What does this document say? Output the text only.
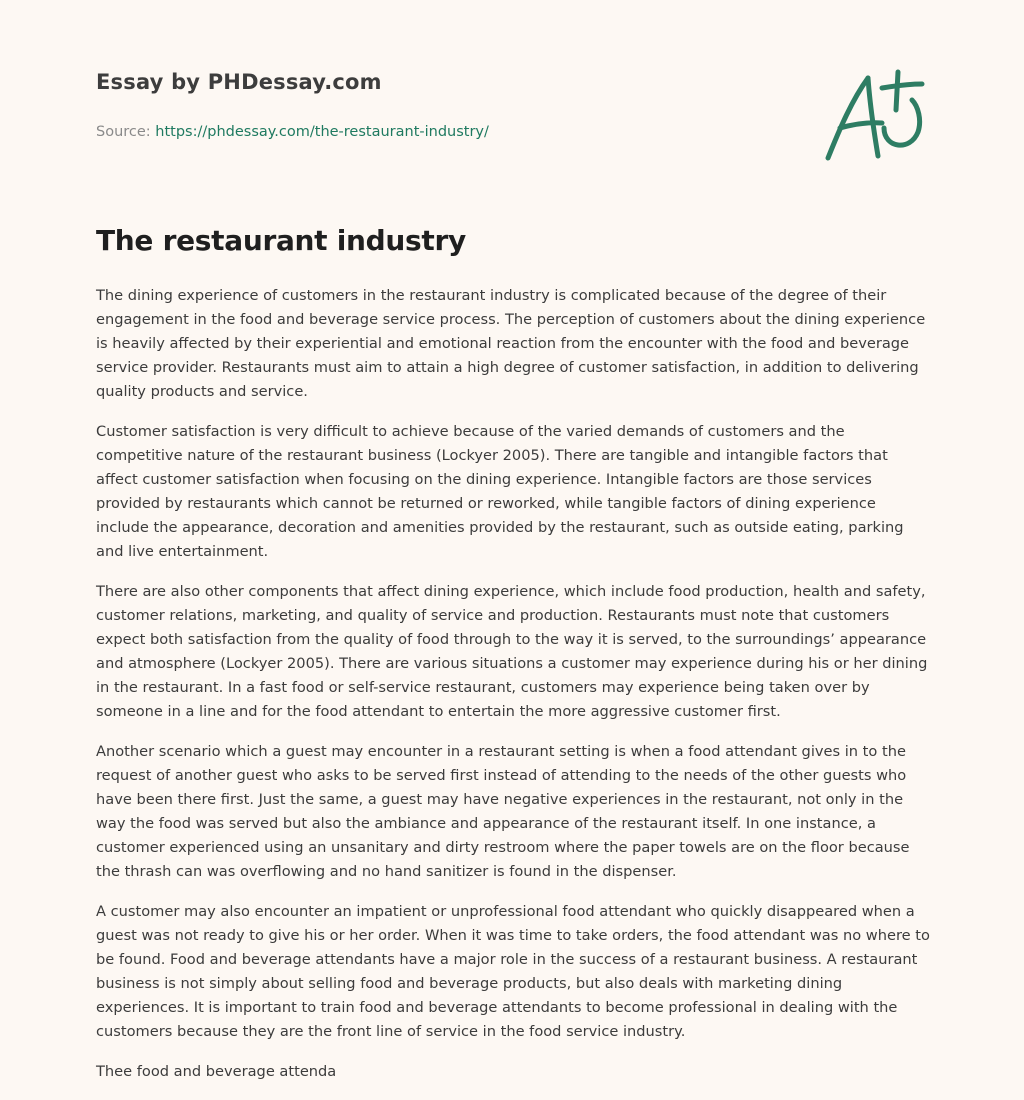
Essay by PHDessay.com
Source: https://phdessay.com/the-restaurant-industry/
The restaurant industry

The dining experience of customers in the restaurant industry is complicated because of the degree of their engagement in the food and beverage service process. The perception of customers about the dining experience is heavily affected by their experiential and emotional reaction from the encounter with the food and beverage service provider. Restaurants must aim to attain a high degree of customer satisfaction, in addition to delivering quality products and service.

Customer satisfaction is very difficult to achieve because of the varied demands of customers and the competitive nature of the restaurant business (Lockyer 2005). There are tangible and intangible factors that affect customer satisfaction when focusing on the dining experience. Intangible factors are those services provided by restaurants which cannot be returned or reworked, while tangible factors of dining experience include the appearance, decoration and amenities provided by the restaurant, such as outside eating, parking and live entertainment.

There are also other components that affect dining experience, which include food production, health and safety, customer relations, marketing, and quality of service and production. Restaurants must note that customers expect both satisfaction from the quality of food through to the way it is served, to the surroundings’ appearance and atmosphere (Lockyer 2005). There are various situations a customer may experience during his or her dining in the restaurant. In a fast food or self-service restaurant, customers may experience being taken over by someone in a line and for the food attendant to entertain the more aggressive customer first.

Another scenario which a guest may encounter in a restaurant setting is when a food attendant gives in to the request of another guest who asks to be served first instead of attending to the needs of the other guests who have been there first. Just the same, a guest may have negative experiences in the restaurant, not only in the way the food was served but also the ambiance and appearance of the restaurant itself. In one instance, a customer experienced using an unsanitary and dirty restroom where the paper towels are on the floor because the thrash can was overflowing and no hand sanitizer is found in the dispenser.

A customer may also encounter an impatient or unprofessional food attendant who quickly disappeared when a guest was not ready to give his or her order. When it was time to take orders, the food attendant was no where to be found. Food and beverage attendants have a major role in the success of a restaurant business. A restaurant business is not simply about selling food and beverage products, but also deals with marketing dining experiences. It is important to train food and beverage attendants to become professional in dealing with the customers because they are the front line of service in the food service industry.

Thee food and beverage attenda
